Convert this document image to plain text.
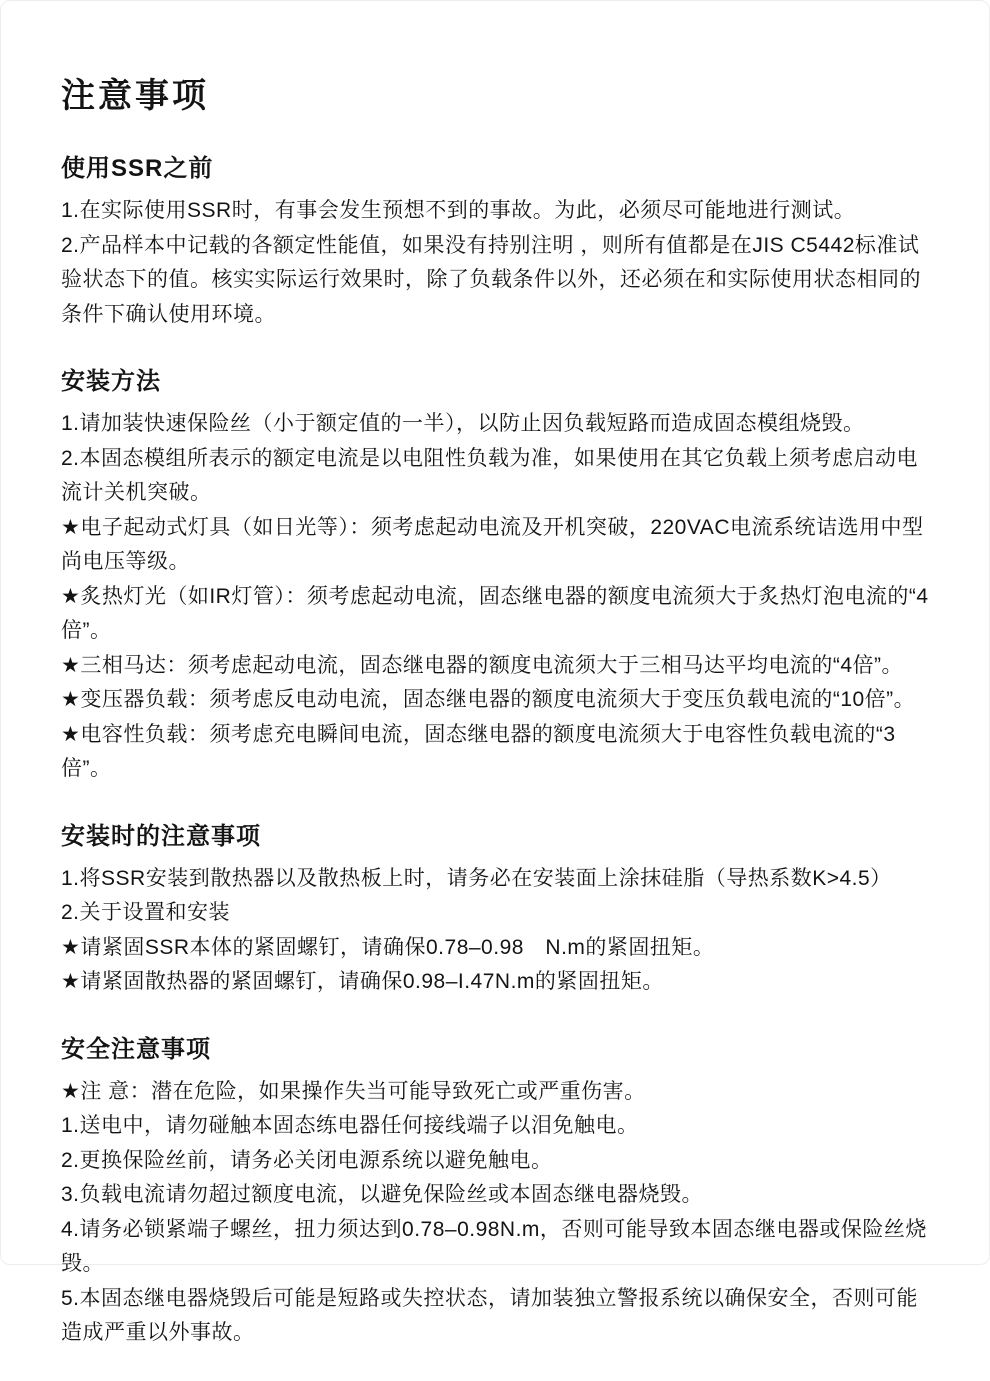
注意事项
使用SSR之前

1.在实际使用SSR时，有事会发生预想不到的事故。为此，必须尽可能地进行测试。

2.产品样本中记载的各额定性能值，如果没有持别注明 ，则所有值都是在JIS C5442标准试验状态下的值。核实实际运行效果时，除了负载条件以外，还必须在和实际使用状态相同的条件下确认使用环境。

安装方法

1.请加装快速保险丝（小于额定值的一半），以防止因负载短路而造成固态模组烧毁。

2.本固态模组所表示的额定电流是以电阻性负载为准，如果使用在其它负载上须考虑启动电流计关机突破。

★电子起动式灯具（如日光等）：须考虑起动电流及开机突破，220VAC电流系统诘选用中型尚电压等级。

★炙热灯光（如IR灯管）：须考虑起动电流，固态继电器的额度电流须大于炙热灯泡电流的“4倍”。

★三相马达：须考虑起动电流，固态继电器的额度电流须大于三相马达平均电流的“4倍”。

★变压器负载：须考虑反电动电流，固态继电器的额度电流须大于变压负载电流的“10倍”。

★电容性负载：须考虑充电瞬间电流，固态继电器的额度电流须大于电容性负载电流的“3倍”。

安装时的注意事项

1.将SSR安装到散热器以及散热板上时，请务必在安装面上涂抹硅脂（导热系数K>4.5）

2.关于设置和安装

★请紧固SSR本体的紧固螺钉，请确保0.78–0.98　N.m的紧固扭矩。

★请紧固散热器的紧固螺钉，请确保0.98–I.47N.m的紧固扭矩。

安全注意事项

★注 意：潜在危险，如果操作失当可能导致死亡或严重伤害。

1.送电中，请勿碰触本固态练电器任何接线端子以泪免触电。

2.更换保险丝前，请务必关闭电源系统以避免触电。

3.负载电流请勿超过额度电流，以避免保险丝或本固态继电器烧毁。

4.请务必锁紧端子螺丝，扭力须达到0.78–0.98N.m，否则可能导致本固态继电器或保险丝烧毁。

5.本固态继电器烧毁后可能是短路或失控状态，请加装独立警报系统以确保安全，否则可能造成严重以外事故。
